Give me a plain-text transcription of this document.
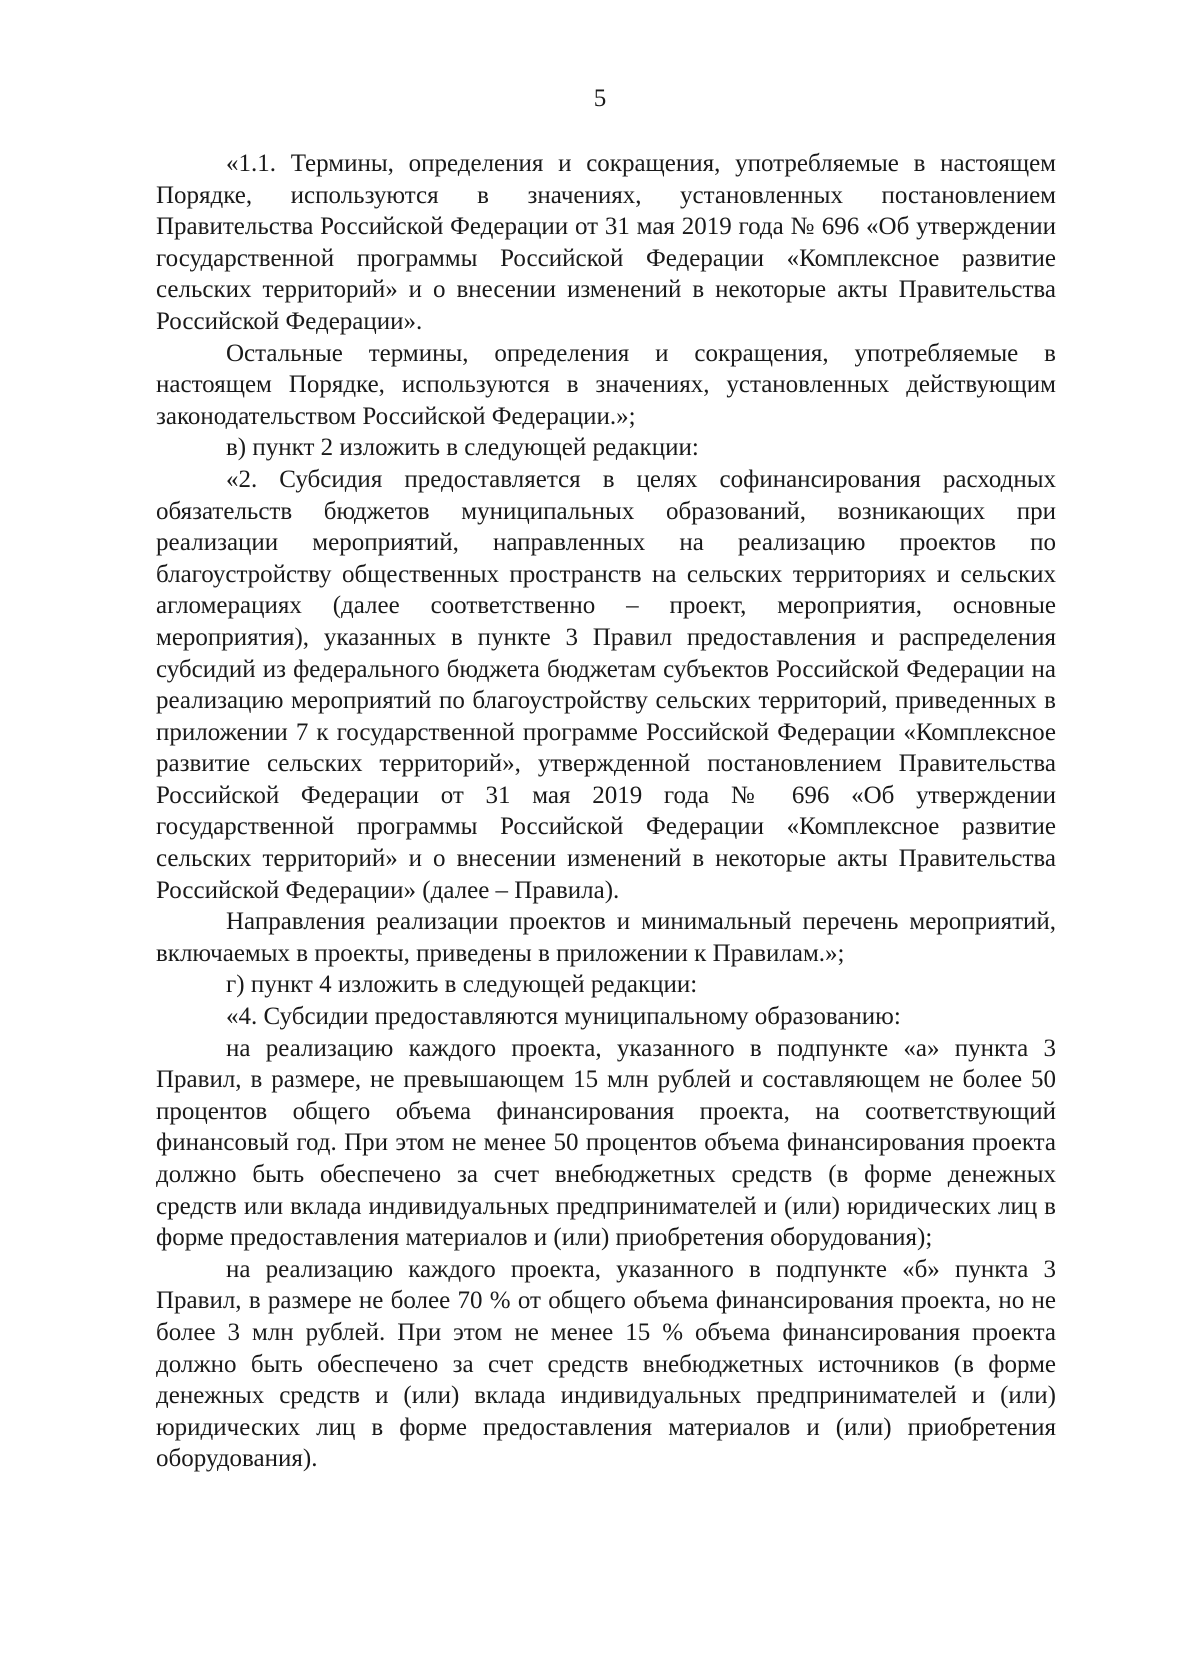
5

«1.1. Термины, определения и сокращения, употребляемые в настоящем Порядке, используются в значениях, установленных постановлением Правительства Российской Федерации от 31 мая 2019 года № 696 «Об утверждении государственной программы Российской Федерации «Комплексное развитие сельских территорий» и о внесении изменений в некоторые акты Правительства Российской Федерации».

Остальные термины, определения и сокращения, употребляемые в настоящем Порядке, используются в значениях, установленных действующим законодательством Российской Федерации.»;

в) пункт 2 изложить в следующей редакции:

«2. Субсидия предоставляется в целях софинансирования расходных обязательств бюджетов муниципальных образований, возникающих при реализации мероприятий, направленных на реализацию проектов по благоустройству общественных пространств на сельских территориях и сельских агломерациях (далее соответственно – проект, мероприятия, основные мероприятия), указанных в пункте 3 Правил предоставления и распределения субсидий из федерального бюджета бюджетам субъектов Российской Федерации на реализацию мероприятий по благоустройству сельских территорий, приведенных в приложении 7 к государственной программе Российской Федерации «Комплексное развитие сельских территорий», утвержденной постановлением Правительства Российской Федерации от 31 мая 2019 года № 696 «Об утверждении государственной программы Российской Федерации «Комплексное развитие сельских территорий» и о внесении изменений в некоторые акты Правительства Российской Федерации» (далее – Правила).

Направления реализации проектов и минимальный перечень мероприятий, включаемых в проекты, приведены в приложении к Правилам.»;

г) пункт 4 изложить в следующей редакции:

«4. Субсидии предоставляются муниципальному образованию:

на реализацию каждого проекта, указанного в подпункте «а» пункта 3 Правил, в размере, не превышающем 15 млн рублей и составляющем не более 50 процентов общего объема финансирования проекта, на соответствующий финансовый год. При этом не менее 50 процентов объема финансирования проекта должно быть обеспечено за счет внебюджетных средств (в форме денежных средств или вклада индивидуальных предпринимателей и (или) юридических лиц в форме предоставления материалов и (или) приобретения оборудования);

на реализацию каждого проекта, указанного в подпункте «б» пункта 3 Правил, в размере не более 70 % от общего объема финансирования проекта, но не более 3 млн рублей. При этом не менее 15 % объема финансирования проекта должно быть обеспечено за счет средств внебюджетных источников (в форме денежных средств и (или) вклада индивидуальных предпринимателей и (или) юридических лиц в форме предоставления материалов и (или) приобретения оборудования).
